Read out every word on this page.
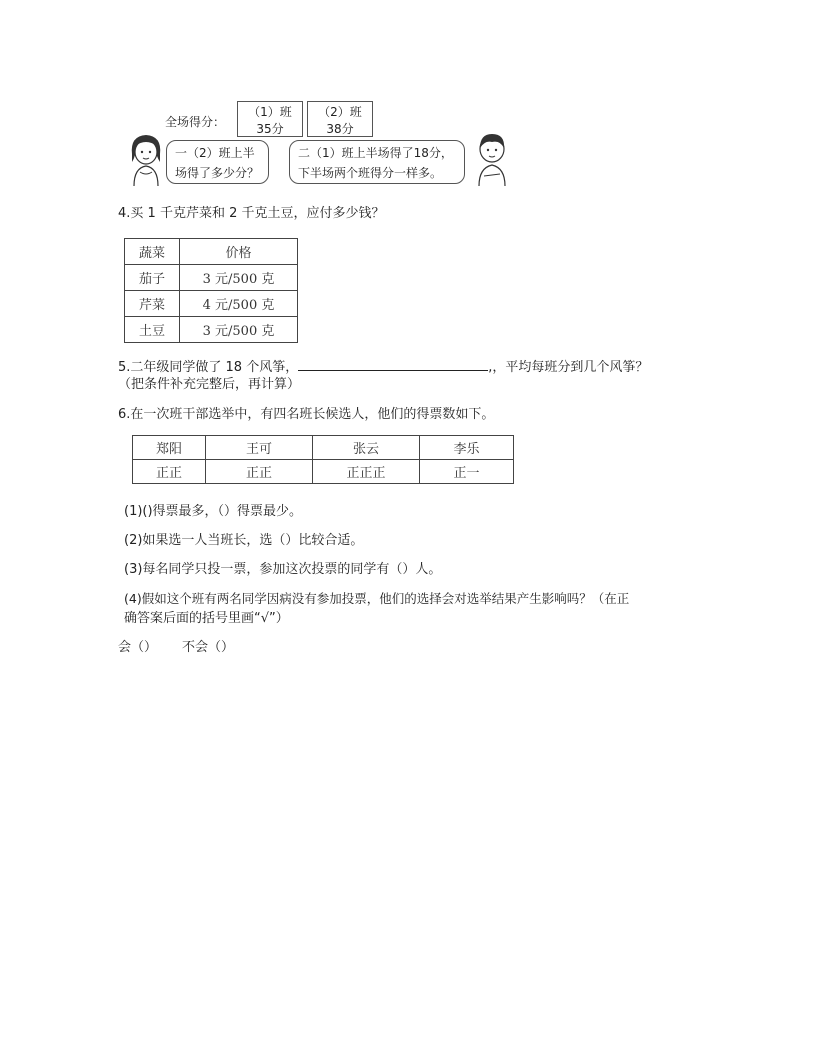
全场得分：
（1）班
35分
（2）班
38分
一（2）班上半
场得了多少分？
二（1）班上半场得了18分，
下半场两个班得分一样多。
4.买 1 千克芹菜和 2 千克土豆，应付多少钱？
蔬菜	价格
茄子	3 元/500 克
芹菜	4 元/500 克
土豆	3 元/500 克
5.二年级同学做了 18 个风筝，	,，平均每班分到几个风筝？
（把条件补充完整后，再计算）
6.在一次班干部选举中，有四名班长候选人，他们的得票数如下。
郑阳	王可	张云	李乐
正正	正正	正正正	正一
(1)()得票最多，（）得票最少。
(2)如果选一人当班长，选（）比较合适。
(3)每名同学只投一票，参加这次投票的同学有（）人。
(4)假如这个班有两名同学因病没有参加投票，他们的选择会对选举结果产生影响吗？（在正
确答案后面的括号里画“√”）
会（） 不会（）
